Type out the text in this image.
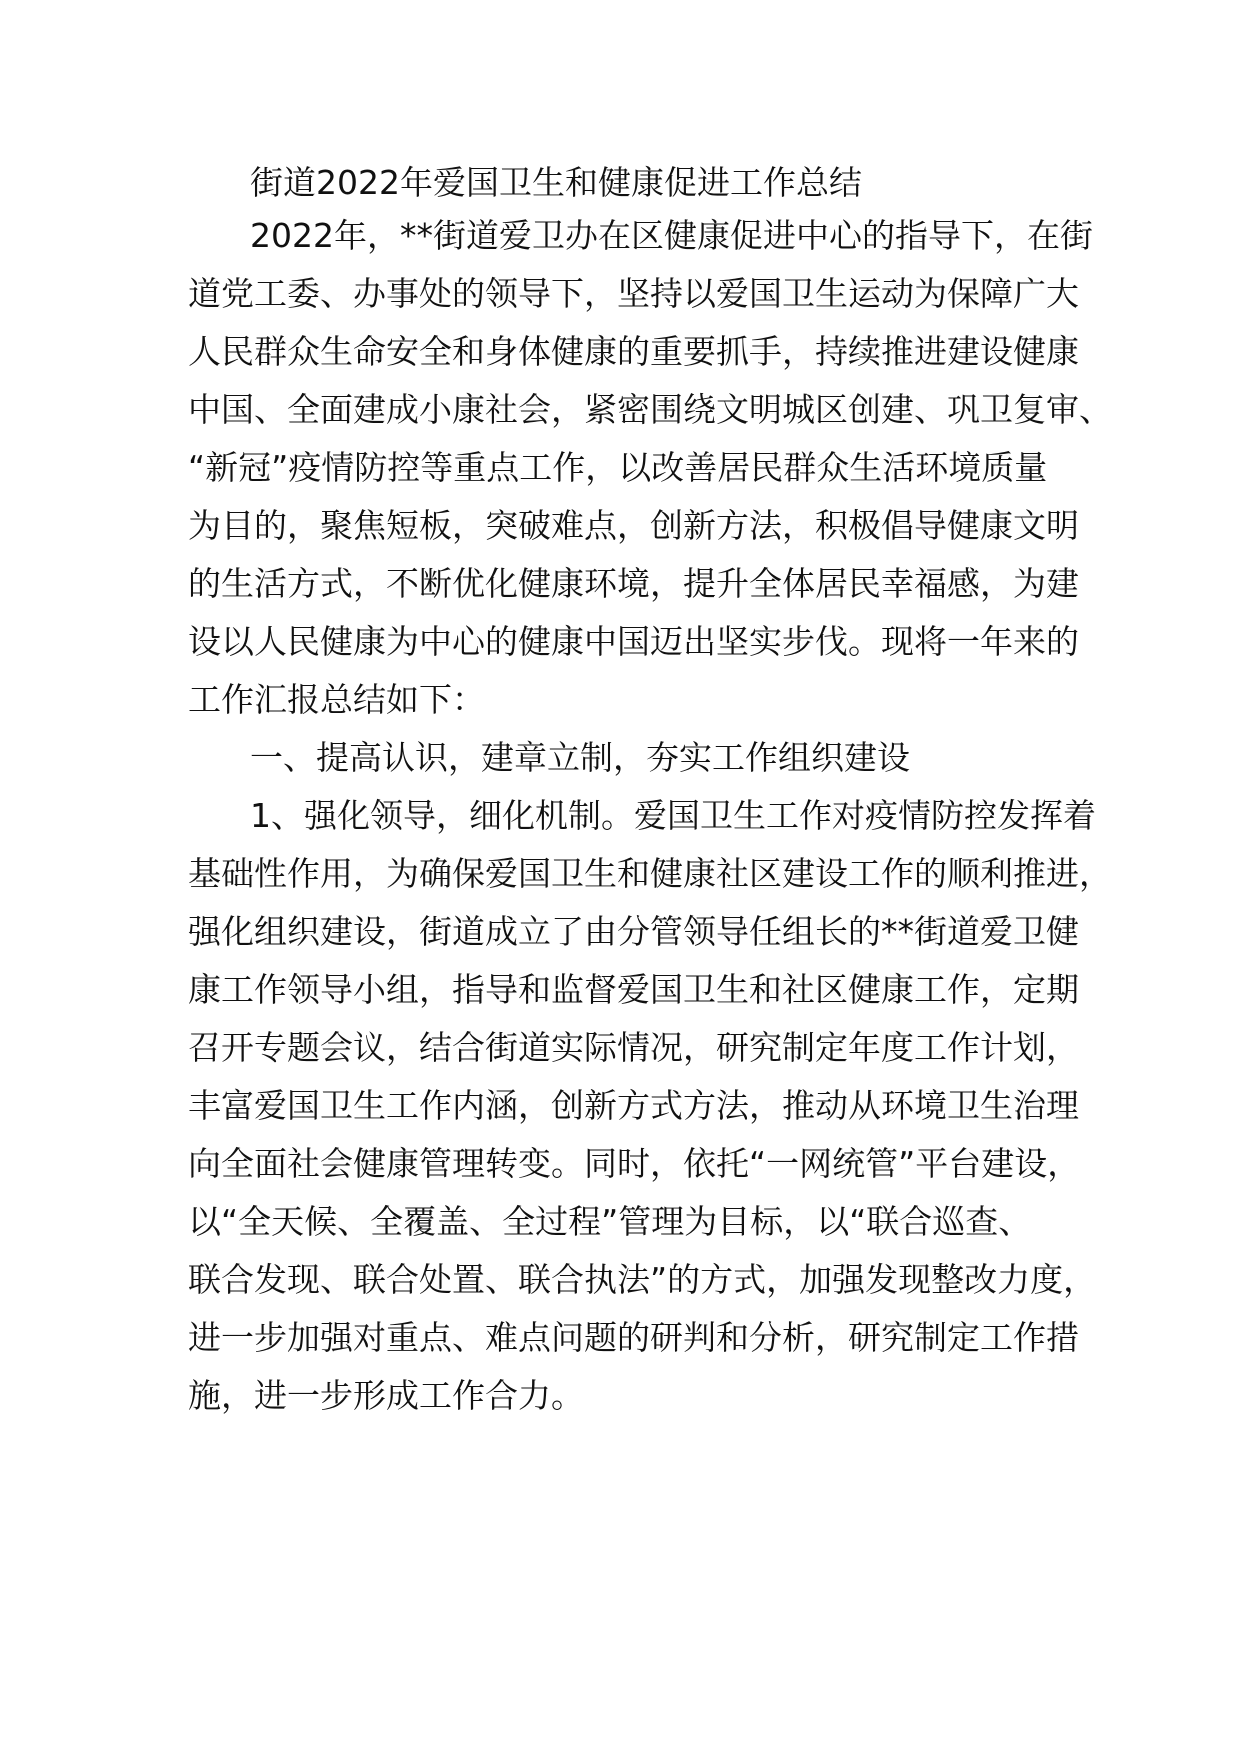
街道2022年爱国卫生和健康促进工作总结
2022年，**街道爱卫办在区健康促进中心的指导下，在街
道党工委、办事处的领导下，坚持以爱国卫生运动为保障广大
人民群众生命安全和身体健康的重要抓手，持续推进建设健康
中国、全面建成小康社会，紧密围绕文明城区创建、巩卫复审、
“新冠”疫情防控等重点工作，以改善居民群众生活环境质量
为目的，聚焦短板，突破难点，创新方法，积极倡导健康文明
的生活方式，不断优化健康环境，提升全体居民幸福感，为建
设以人民健康为中心的健康中国迈出坚实步伐。现将一年来的
工作汇报总结如下：
一、提高认识，建章立制，夯实工作组织建设
1、强化领导，细化机制。爱国卫生工作对疫情防控发挥着
基础性作用，为确保爱国卫生和健康社区建设工作的顺利推进，
强化组织建设，街道成立了由分管领导任组长的**街道爱卫健
康工作领导小组，指导和监督爱国卫生和社区健康工作，定期
召开专题会议，结合街道实际情况，研究制定年度工作计划，
丰富爱国卫生工作内涵，创新方式方法，推动从环境卫生治理
向全面社会健康管理转变。同时，依托“一网统管”平台建设，
以“全天候、全覆盖、全过程”管理为目标，以“联合巡查、
联合发现、联合处置、联合执法”的方式，加强发现整改力度，
进一步加强对重点、难点问题的研判和分析，研究制定工作措
施，进一步形成工作合力。
